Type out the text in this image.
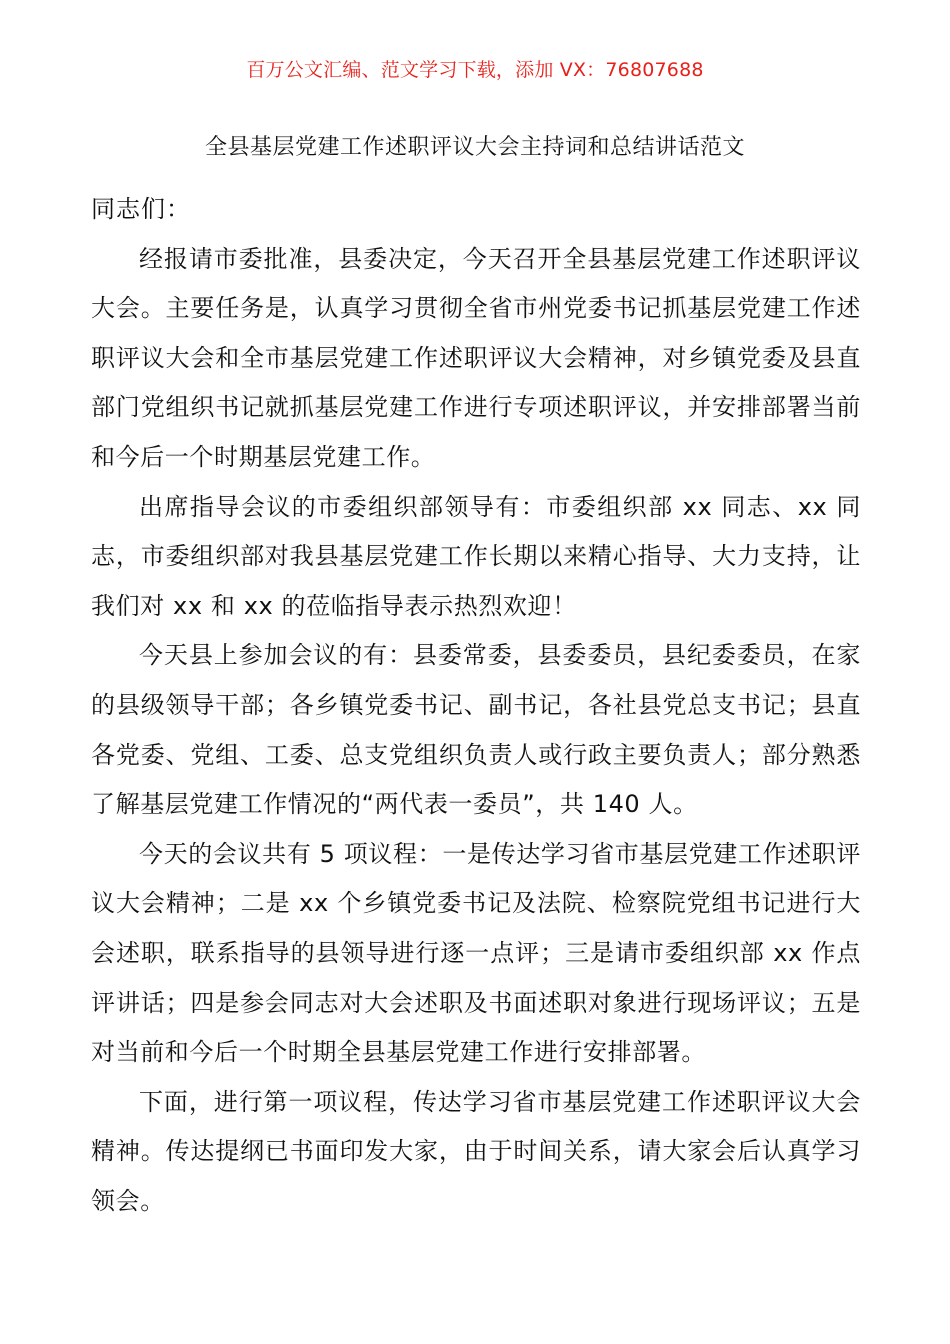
百万公文汇编、范文学习下载，添加 VX：76807688
全县基层党建工作述职评议大会主持词和总结讲话范文

同志们：

经报请市委批准，县委决定，今天召开全县基层党建工作述职评议大会。主要任务是，认真学习贯彻全省市州党委书记抓基层党建工作述职评议大会和全市基层党建工作述职评议大会精神，对乡镇党委及县直部门党组织书记就抓基层党建工作进行专项述职评议，并安排部署当前和今后一个时期基层党建工作。

出席指导会议的市委组织部领导有：市委组织部 xx 同志、xx 同志，市委组织部对我县基层党建工作长期以来精心指导、大力支持，让我们对 xx 和 xx 的莅临指导表示热烈欢迎！

今天县上参加会议的有：县委常委，县委委员，县纪委委员，在家的县级领导干部；各乡镇党委书记、副书记，各社县党总支书记；县直各党委、党组、工委、总支党组织负责人或行政主要负责人；部分熟悉了解基层党建工作情况的“两代表一委员”，共 140 人。

今天的会议共有 5 项议程：一是传达学习省市基层党建工作述职评议大会精神；二是 xx 个乡镇党委书记及法院、检察院党组书记进行大会述职，联系指导的县领导进行逐一点评；三是请市委组织部 xx 作点评讲话；四是参会同志对大会述职及书面述职对象进行现场评议；五是对当前和今后一个时期全县基层党建工作进行安排部署。

下面，进行第一项议程，传达学习省市基层党建工作述职评议大会精神。传达提纲已书面印发大家，由于时间关系，请大家会后认真学习领会。
